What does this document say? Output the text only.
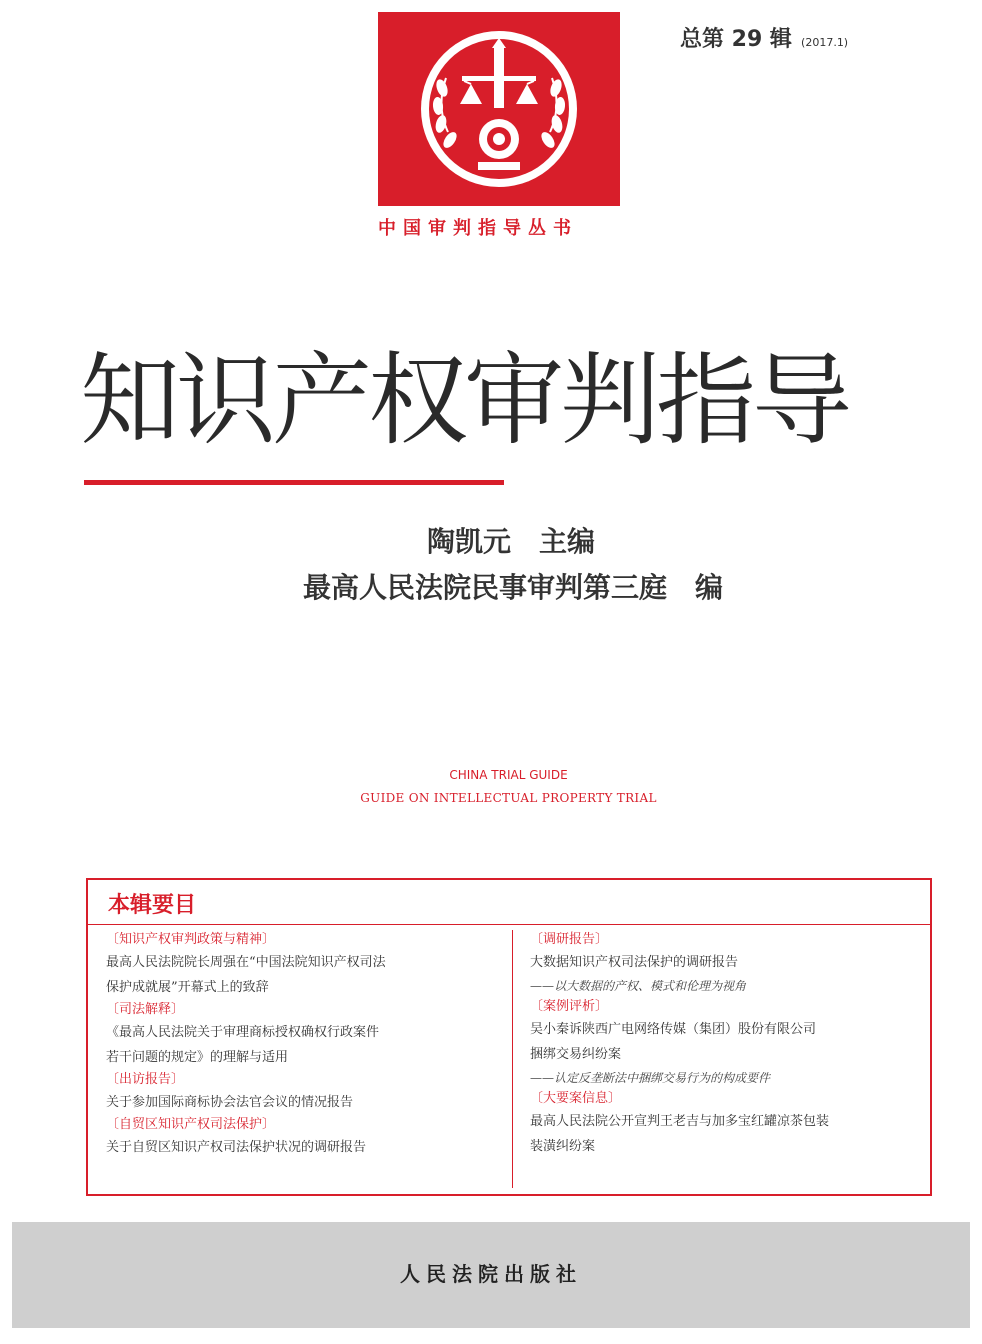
中国审判指导丛书
总第 29 辑 (2017.1)
知识产权审判指导
陶凯元　主编
最高人民法院民事审判第三庭　编
CHINA TRIAL GUIDE
GUIDE ON INTELLECTUAL PROPERTY TRIAL
本辑要目
〔知识产权审判政策与精神〕
最高人民法院院长周强在“中国法院知识产权司法
保护成就展”开幕式上的致辞
〔司法解释〕
《最高人民法院关于审理商标授权确权行政案件
若干问题的规定》的理解与适用
〔出访报告〕
关于参加国际商标协会法官会议的情况报告
〔自贸区知识产权司法保护〕
关于自贸区知识产权司法保护状况的调研报告
〔调研报告〕
大数据知识产权司法保护的调研报告
——以大数据的产权、模式和伦理为视角
〔案例评析〕
吴小秦诉陕西广电网络传媒（集团）股份有限公司
捆绑交易纠纷案
——认定反垄断法中捆绑交易行为的构成要件
〔大要案信息〕
最高人民法院公开宣判王老吉与加多宝红罐凉茶包装
装潢纠纷案
人民法院出版社
